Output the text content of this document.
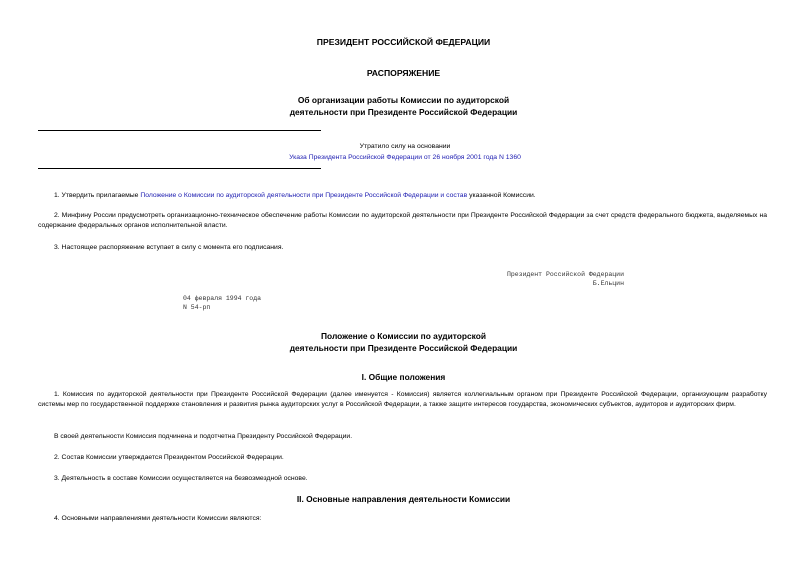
ПРЕЗИДЕНТ РОССИЙСКОЙ ФЕДЕРАЦИИ
РАСПОРЯЖЕНИЕ
Об организации работы Комиссии по аудиторской
деятельности при Президенте Российской Федерации
Утратило силу на основании
Указа Президента Российской Федерации от 26 ноября 2001 года N 1360
1. Утвердить прилагаемые Положение о Комиссии по аудиторской деятельности при Президенте Российской Федерации и состав указанной Комиссии.
2. Минфину России предусмотреть организационно-техническое обеспечение работы Комиссии по аудиторской деятельности при Президенте Российской Федерации за счет средств федерального бюджета, выделяемых на содержание федеральных органов исполнительной власти.
3. Настоящее распоряжение вступает в силу с момента его подписания.
Президент Российской Федерации
Б.Ельцин
04 февраля 1994 года
N 54-рп
Положение о Комиссии по аудиторской
деятельности при Президенте Российской Федерации
I. Общие положения
1. Комиссия по аудиторской деятельности при Президенте Российской Федерации (далее именуется - Комиссия) является коллегиальным органом при Президенте Российской Федерации, организующим разработку системы мер по государственной поддержке становления и развития рынка аудиторских услуг в Российской Федерации, а также защите интересов государства, экономических субъектов, аудиторов и аудиторских фирм.
В своей деятельности Комиссия подчинена и подотчетна Президенту Российской Федерации.
2. Состав Комиссии утверждается Президентом Российской Федерации.
3. Деятельность в составе Комиссии осуществляется на безвозмездной основе.
II. Основные направления деятельности Комиссии
4. Основными направлениями деятельности Комиссии являются:
